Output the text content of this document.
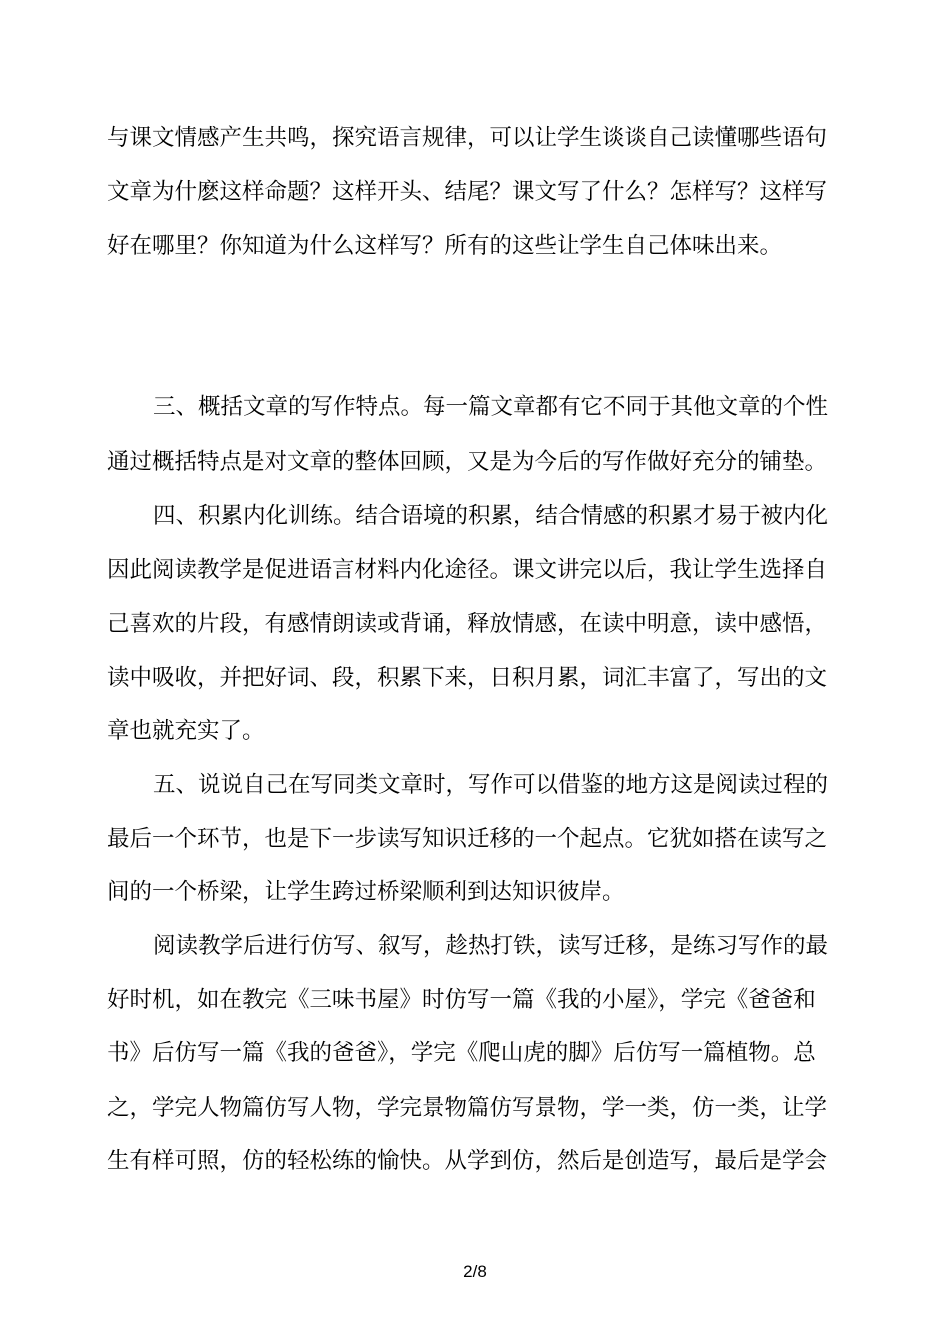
与课文情感产生共鸣，探究语言规律，可以让学生谈谈自己读懂哪些语句
文章为什麽这样命题？这样开头、结尾？课文写了什么？怎样写？这样写
好在哪里？你知道为什么这样写？所有的这些让学生自己体味出来。
三、概括文章的写作特点。每一篇文章都有它不同于其他文章的个性
通过概括特点是对文章的整体回顾，又是为今后的写作做好充分的铺垫。
四、积累内化训练。结合语境的积累，结合情感的积累才易于被内化
因此阅读教学是促进语言材料内化途径。课文讲完以后，我让学生选择自
己喜欢的片段，有感情朗读或背诵，释放情感，在读中明意，读中感悟，
读中吸收，并把好词、段，积累下来，日积月累，词汇丰富了，写出的文
章也就充实了。
五、说说自己在写同类文章时，写作可以借鉴的地方这是阅读过程的
最后一个环节，也是下一步读写知识迁移的一个起点。它犹如搭在读写之
间的一个桥梁，让学生跨过桥梁顺利到达知识彼岸。
阅读教学后进行仿写、叙写，趁热打铁，读写迁移，是练习写作的最
好时机，如在教完《三味书屋》时仿写一篇《我的小屋》，学完《爸爸和
书》后仿写一篇《我的爸爸》，学完《爬山虎的脚》后仿写一篇植物。总
之，学完人物篇仿写人物，学完景物篇仿写景物，学一类，仿一类，让学
生有样可照，仿的轻松练的愉快。从学到仿，然后是创造写，最后是学会
2/8
